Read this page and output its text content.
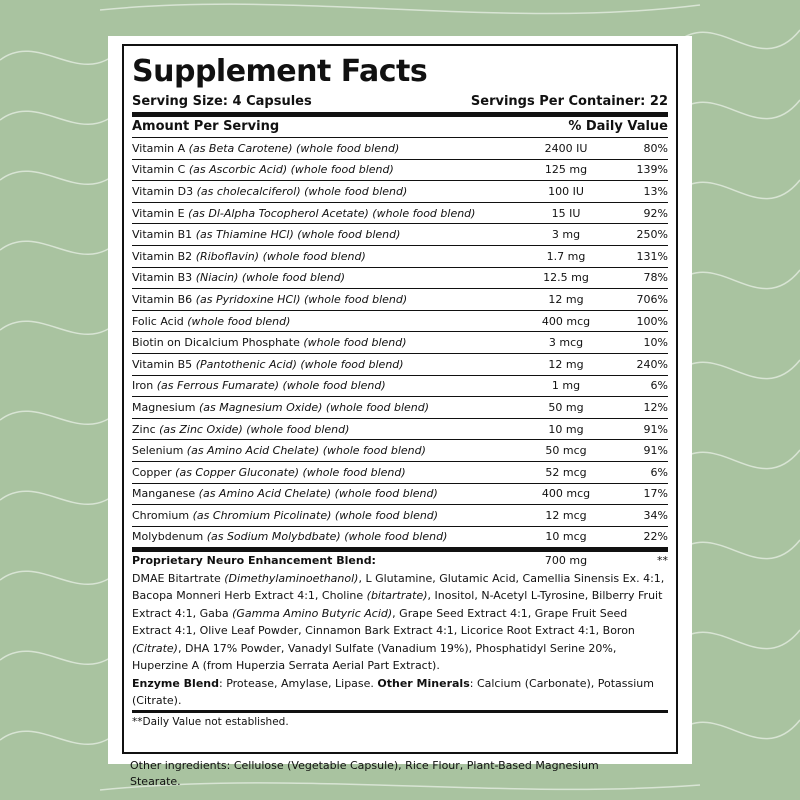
Supplement Facts
Serving Size: 4 Capsules	Servings Per Container: 22
Amount Per Serving	% Daily Value
Vitamin A (as Beta Carotene) (whole food blend)	2400 IU	80%
Vitamin C (as Ascorbic Acid) (whole food blend)	125 mg	139%
Vitamin D3 (as cholecalciferol) (whole food blend)	100 IU	13%
Vitamin E (as Dl-Alpha Tocopherol Acetate) (whole food blend)	15 IU	92%
Vitamin B1 (as Thiamine HCl) (whole food blend)	3 mg	250%
Vitamin B2 (Riboflavin) (whole food blend)	1.7 mg	131%
Vitamin B3 (Niacin) (whole food blend)	12.5 mg	78%
Vitamin B6 (as Pyridoxine HCl) (whole food blend)	12 mg	706%
Folic Acid (whole food blend)	400 mcg	100%
Biotin on Dicalcium Phosphate (whole food blend)	3 mcg	10%
Vitamin B5 (Pantothenic Acid) (whole food blend)	12 mg	240%
Iron (as Ferrous Fumarate) (whole food blend)	1 mg	6%
Magnesium (as Magnesium Oxide) (whole food blend)	50 mg	12%
Zinc (as Zinc Oxide) (whole food blend)	10 mg	91%
Selenium (as Amino Acid Chelate) (whole food blend)	50 mcg	91%
Copper (as Copper Gluconate) (whole food blend)	52 mcg	6%
Manganese (as Amino Acid Chelate) (whole food blend)	400 mcg	17%
Chromium (as Chromium Picolinate) (whole food blend)	12 mcg	34%
Molybdenum (as Sodium Molybdbate) (whole food blend)	10 mcg	22%
Proprietary Neuro Enhancement Blend:	700 mg	**
DMAE Bitartrate (Dimethylaminoethanol), L Glutamine, Glutamic Acid, Camellia Sinensis Ex. 4:1, Bacopa Monneri Herb Extract 4:1, Choline (bitartrate), Inositol, N-Acetyl L-Tyrosine, Bilberry Fruit Extract 4:1, Gaba (Gamma Amino Butyric Acid), Grape Seed Extract 4:1, Grape Fruit Seed Extract 4:1, Olive Leaf Powder, Cinnamon Bark Extract 4:1, Licorice Root Extract 4:1, Boron (Citrate), DHA 17% Powder, Vanadyl Sulfate (Vanadium 19%), Phosphatidyl Serine 20%, Huperzine A (from Huperzia Serrata Aerial Part Extract).
Enzyme Blend: Protease, Amylase, Lipase. Other Minerals: Calcium (Carbonate), Potassium (Citrate).
**Daily Value not established.
Other ingredients: Cellulose (Vegetable Capsule), Rice Flour, Plant-Based Magnesium Stearate.
